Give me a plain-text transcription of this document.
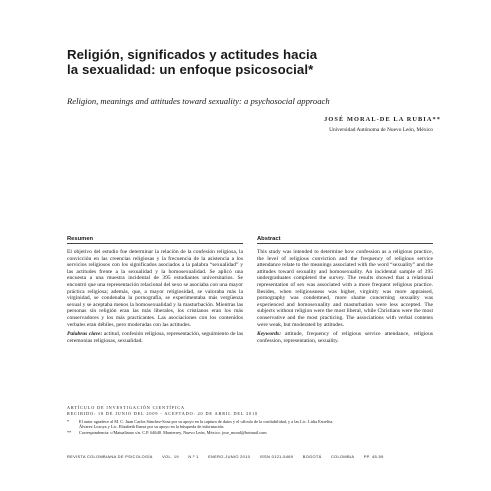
Religión, significados y actitudes hacia
la sexualidad: un enfoque psicosocial*

Religion, meanings and attitudes toward sexuality: a psychosocial approach

JOSÉ MORAL-DE LA RUBIA**
Universidad Autónoma de Nuevo León, México
Resumen	Abstract

El objetivo del estudio fue determinar la relación de la confesión religiosa, la convicción en las creencias religiosas y la frecuencia de la asistencia a los servicios religiosos con los significados asociados a la palabra “sexualidad” y las actitudes frente a la sexualidad y la homosexualidad. Se aplicó una encuesta a una muestra incidental de 395 estudiantes universitarios. Se encontró que una representación relacional del sexo se asociaba con una mayor práctica religiosa; además, que, a mayor religiosidad, se valoraba más la virginidad, se condenaba la pornografía, se experimentaba más vergüenza sexual y se aceptaba menos la homosexualidad y la masturbación. Mientras las personas sin religión eran las más liberales, los cristianos eran los más conservadores y los más practicantes. Las asociaciones con los contenidos verbales eran débiles, pero moderadas con las actitudes.

Palabras clave: actitud, confesión religiosa, representación, seguimiento de las ceremonias religiosas, sexualidad.

This study was intended to determine how confession as a religious practice, the level of religious conviction and the frequency of religious service attendance relate to the meanings associated with the word “sexuality” and the attitudes toward sexuality and homosexuality. An incidental sample of 395 undergraduates completed the survey. The results showed that a relational representation of sex was associated with a more frequent religious practice. Besides, when religiousness was higher, virginity was more appraised, pornography was condemned, more shame concerning sexuality was experienced and homosexuality and masturbation were less accepted. The subjects without religion were the most liberal, while Christians were the most conservative and the most practicing. The associations with verbal contents were weak, but moderated by attitudes.

Keywords: attitude, frequency of religious service attendance, religious confession, representation, sexuality.

ARTÍCULO DE INVESTIGACIÓN CIENTÍFICA
RECIBIDO: 18 DE JUNIO DEL 2009 - ACEPTADO: 20 DE ABRIL DEL 2010
* El autor agradece al M. C. Juan Carlos Sánchez-Sosa por su apoyo en la captura de datos y el cálculo de la confiabilidad, y a las Lic. Lidia Estrelita
Álvarez Lozoya y Lic. Elizabeth Ibarra por su apoyo en la búsqueda de información.
** Correspondencia: c/Matualismo s/n. C.P. 64640. Monterrey, Nuevo León, México. jose_moral@hotmail.com
REVISTA COLOMBIANA DE PSICOLOGÍA VOL. 19 N.º 1 ENERO-JUNIO 2010 ISSN 0121-5469 BOGOTÁ COLOMBIA PP. 45-59
